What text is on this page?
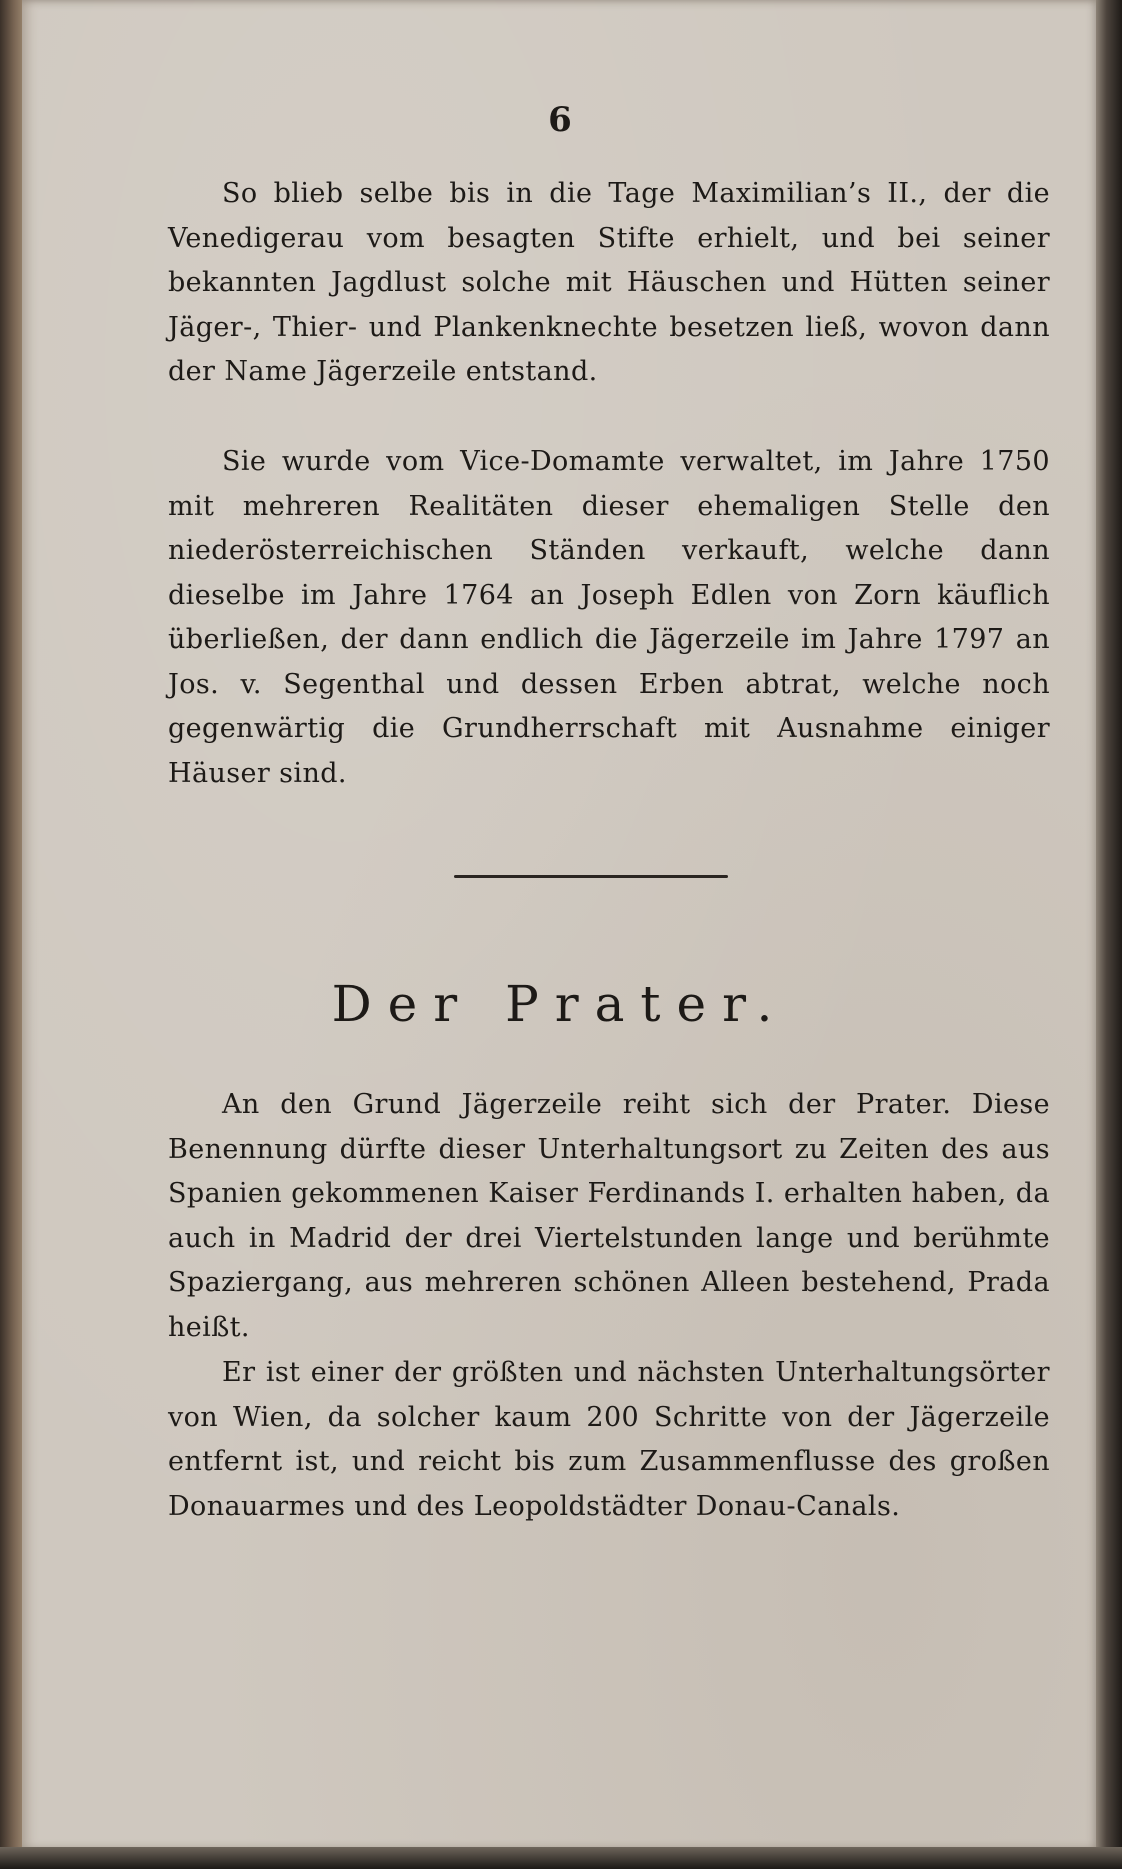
6

So blieb selbe bis in die Tage Maximilian’s II., der die Venedigerau vom besagten Stifte erhielt, und bei seiner bekannten Jagdlust solche mit Häuschen und Hütten seiner Jäger-, Thier- und Plankenknechte besetzen ließ, wovon dann der Name Jägerzeile entstand.

Sie wurde vom Vice-Domamte verwaltet, im Jahre 1750 mit mehreren Realitäten dieser ehemaligen Stelle den niederösterreichischen Ständen verkauft, welche dann dieselbe im Jahre 1764 an Joseph Edlen von Zorn käuflich überließen, der dann endlich die Jägerzeile im Jahre 1797 an Jos. v. Segenthal und dessen Erben abtrat, welche noch gegenwärtig die Grundherrschaft mit Ausnahme einiger Häuser sind.

Der Prater.

An den Grund Jägerzeile reiht sich der Prater. Diese Benennung dürfte dieser Unterhaltungsort zu Zeiten des aus Spanien gekommenen Kaiser Ferdinands I. erhalten haben, da auch in Madrid der drei Viertelstunden lange und berühmte Spaziergang, aus mehreren schönen Alleen bestehend, Prada heißt.

Er ist einer der größten und nächsten Unterhaltungsörter von Wien, da solcher kaum 200 Schritte von der Jägerzeile entfernt ist, und reicht bis zum Zusammenflusse des großen Donauarmes und des Leopoldstädter Donau-Canals.
